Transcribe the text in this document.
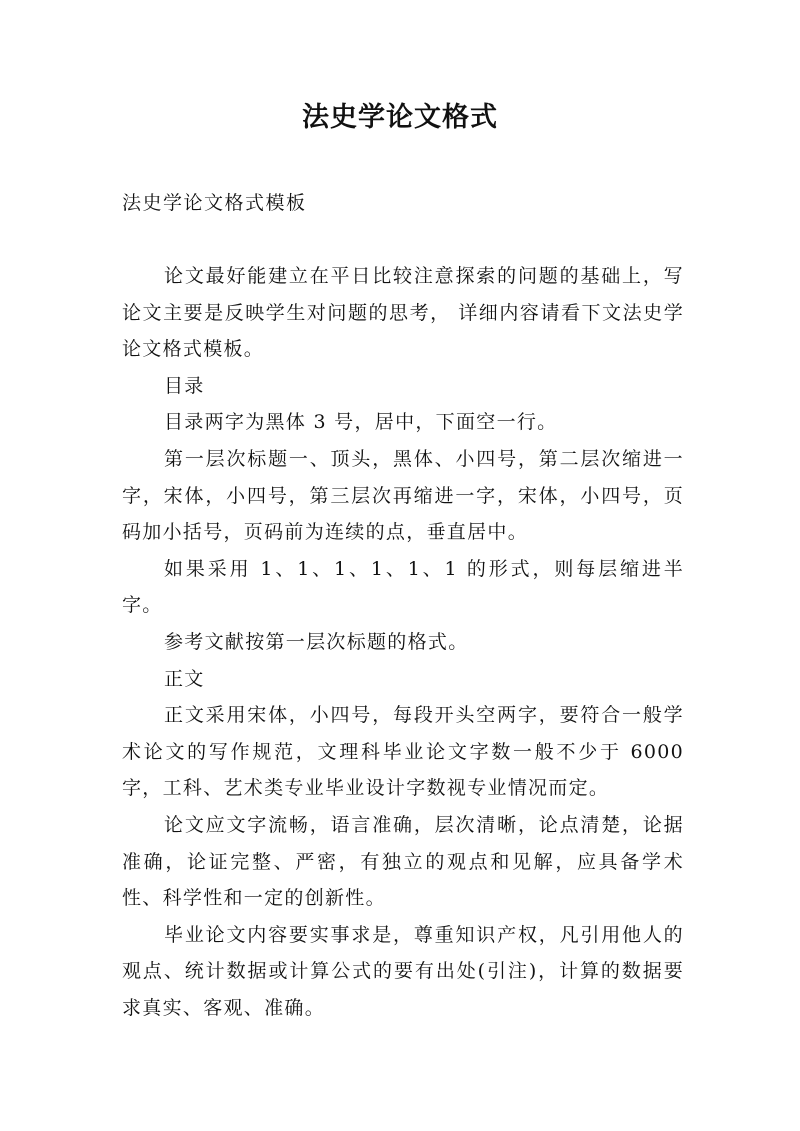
法史学论文格式
法史学论文格式模板

论文最好能建立在平日比较注意探索的问题的基础上，写论文主要是反映学生对问题的思考， 详细内容请看下文法史学论文格式模板。

目录

目录两字为黑体 3 号，居中，下面空一行。

第一层次标题一、顶头，黑体、小四号，第二层次缩进一字，宋体，小四号，第三层次再缩进一字，宋体，小四号，页码加小括号，页码前为连续的点，垂直居中。

如果采用 1、1、1、1、1、1 的形式，则每层缩进半字。

参考文献按第一层次标题的格式。

正文

正文采用宋体，小四号，每段开头空两字，要符合一般学术论文的写作规范，文理科毕业论文字数一般不少于 6000 字，工科、艺术类专业毕业设计字数视专业情况而定。

论文应文字流畅，语言准确，层次清晰，论点清楚，论据准确，论证完整、严密，有独立的观点和见解，应具备学术性、科学性和一定的创新性。

毕业论文内容要实事求是，尊重知识产权，凡引用他人的观点、统计数据或计算公式的要有出处(引注)，计算的数据要求真实、客观、准确。
